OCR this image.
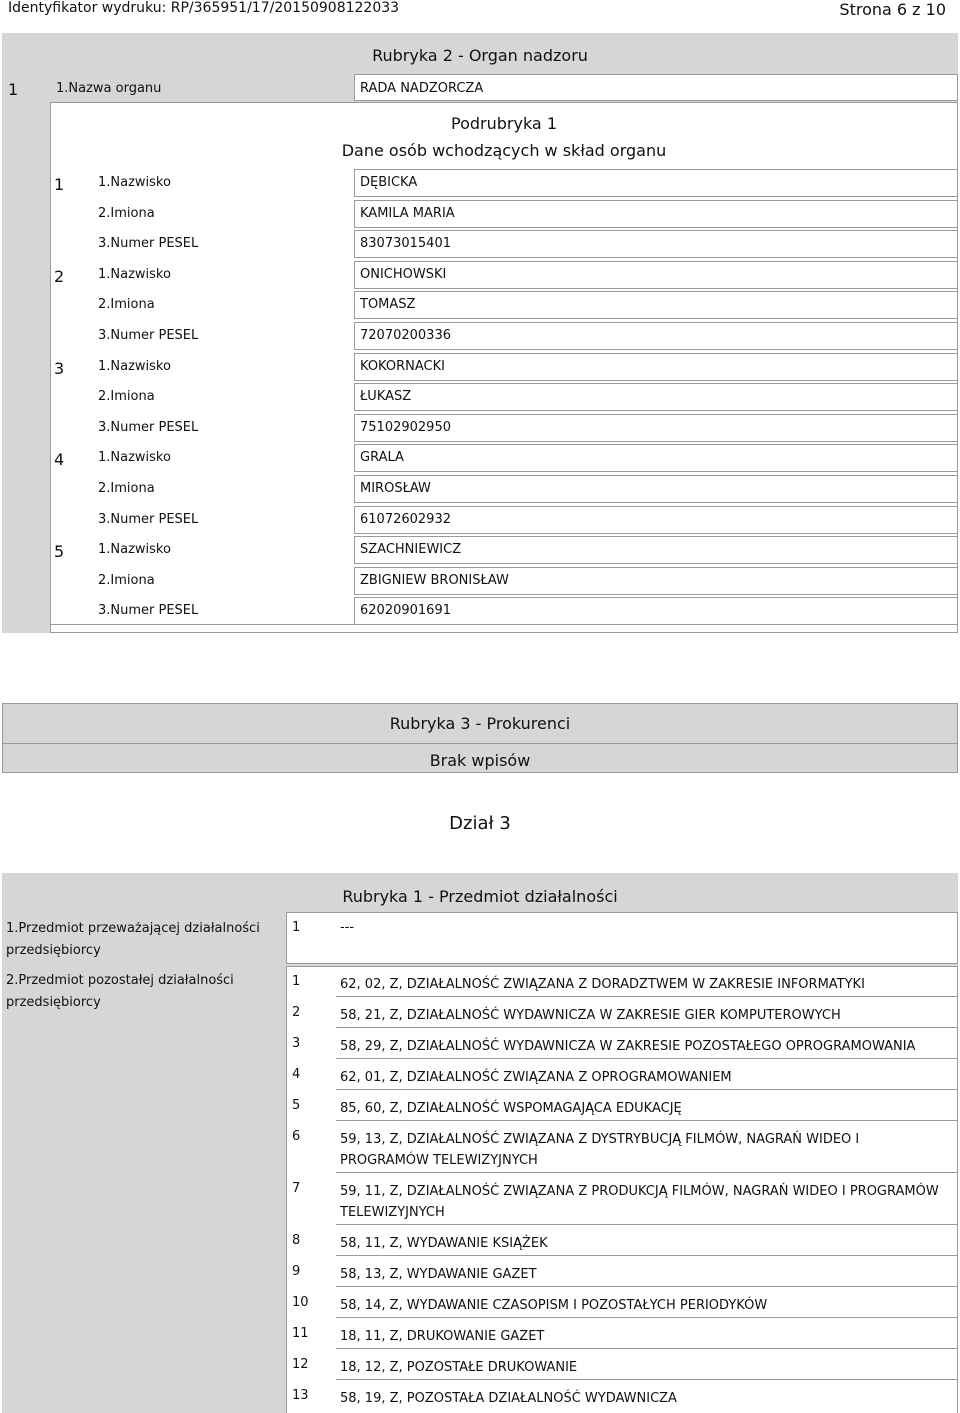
Identyfikator wydruku: RP/365951/17/20150908122033	Strona 6 z 10
Rubryka 2 - Organ nadzoru
1	1.Nazwa organu	RADA NADZORCZA
Podrubryka 1
Dane osób wchodzących w skład organu
1	1.Nazwisko	DĘBICKA
2.Imiona	KAMILA MARIA
3.Numer PESEL	83073015401
2	1.Nazwisko	ONICHOWSKI
2.Imiona	TOMASZ
3.Numer PESEL	72070200336
3	1.Nazwisko	KOKORNACKI
2.Imiona	ŁUKASZ
3.Numer PESEL	75102902950
4	1.Nazwisko	GRALA
2.Imiona	MIROSŁAW
3.Numer PESEL	61072602932
5	1.Nazwisko	SZACHNIEWICZ
2.Imiona	ZBIGNIEW BRONISŁAW
3.Numer PESEL	62020901691
Rubryka 3 - Prokurenci
Brak wpisów
Dział 3
Rubryka 1 - Przedmiot działalności
1.Przedmiot przeważającej działalności przedsiębiorcy
1	---
2.Przedmiot pozostałej działalności przedsiębiorcy
1	62, 02, Z, DZIAŁALNOŚĆ ZWIĄZANA Z DORADZTWEM W ZAKRESIE INFORMATYKI
2	58, 21, Z, DZIAŁALNOŚĆ WYDAWNICZA W ZAKRESIE GIER KOMPUTEROWYCH
3	58, 29, Z, DZIAŁALNOŚĆ WYDAWNICZA W ZAKRESIE POZOSTAŁEGO OPROGRAMOWANIA
4	62, 01, Z, DZIAŁALNOŚĆ ZWIĄZANA Z OPROGRAMOWANIEM
5	85, 60, Z, DZIAŁALNOŚĆ WSPOMAGAJĄCA EDUKACJĘ
6	59, 13, Z, DZIAŁALNOŚĆ ZWIĄZANA Z DYSTRYBUCJĄ FILMÓW, NAGRAŃ WIDEO I PROGRAMÓW TELEWIZYJNYCH
7	59, 11, Z, DZIAŁALNOŚĆ ZWIĄZANA Z PRODUKCJĄ FILMÓW, NAGRAŃ WIDEO I PROGRAMÓW TELEWIZYJNYCH
8	58, 11, Z, WYDAWANIE KSIĄŻEK
9	58, 13, Z, WYDAWANIE GAZET
10 58, 14, Z, WYDAWANIE CZASOPISM I POZOSTAŁYCH PERIODYKÓW
11 18, 11, Z, DRUKOWANIE GAZET
12 18, 12, Z, POZOSTAŁE DRUKOWANIE
13 58, 19, Z, POZOSTAŁA DZIAŁALNOŚĆ WYDAWNICZA
